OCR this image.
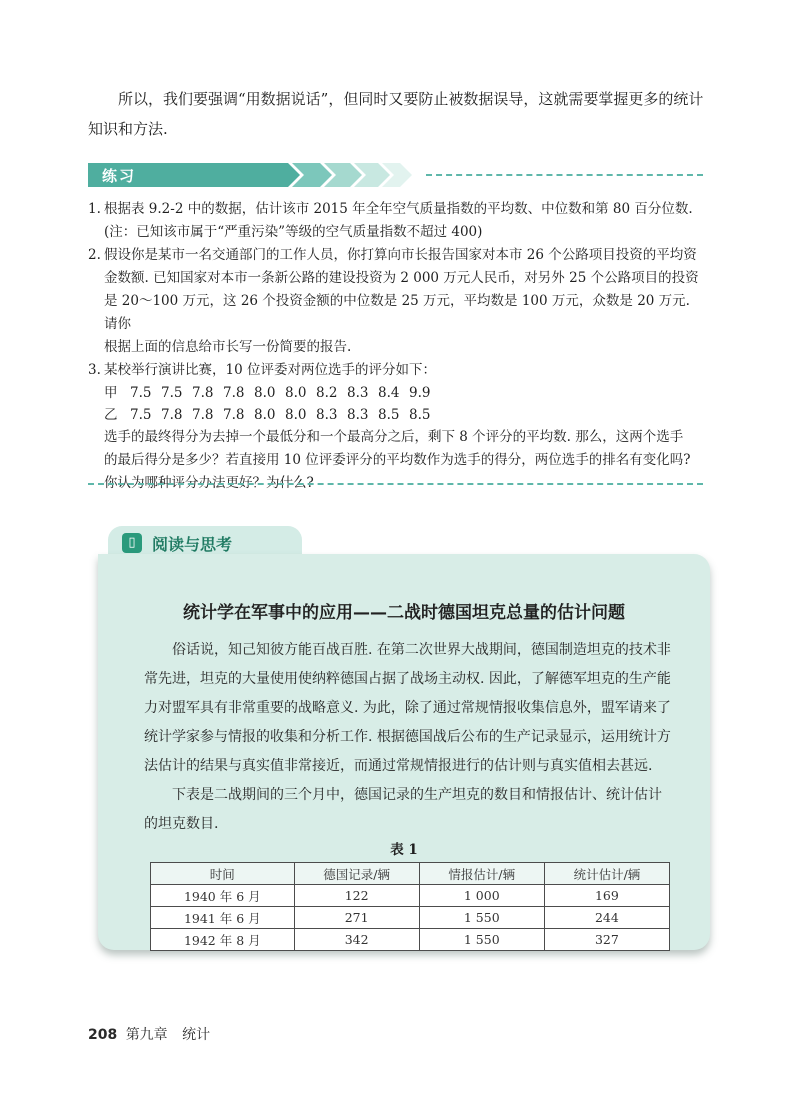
所以，我们要强调“用数据说话”，但同时又要防止被数据误导，这就需要掌握更多的统计知识和方法.

练习
1. 根据表 9.2-2 中的数据，估计该市 2015 年全年空气质量指数的平均数、中位数和第 80 百分位数.
(注：已知该市属于“严重污染”等级的空气质量指数不超过 400)
2. 假设你是某市一名交通部门的工作人员，你打算向市长报告国家对本市 26 个公路项目投资的平均资
金数额. 已知国家对本市一条新公路的建设投资为 2 000 万元人民币，对另外 25 个公路项目的投资
是 20～100 万元，这 26 个投资金额的中位数是 25 万元，平均数是 100 万元，众数是 20 万元. 请你
根据上面的信息给市长写一份简要的报告.
3. 某校举行演讲比赛，10 位评委对两位选手的评分如下：
甲 7.5 7.5 7.8 7.8 8.0 8.0 8.2 8.3 8.4 9.9
乙 7.5 7.8 7.8 7.8 8.0 8.0 8.3 8.3 8.5 8.5
选手的最终得分为去掉一个最低分和一个最高分之后，剩下 8 个评分的平均数. 那么，这两个选手
的最后得分是多少？若直接用 10 位评委评分的平均数作为选手的得分，两位选手的排名有变化吗?
你认为哪种评分办法更好？为什么?
▯	阅读与思考
统计学在军事中的应用——二战时德国坦克总量的估计问题

俗话说，知己知彼方能百战百胜. 在第二次世界大战期间，德国制造坦克的技术非常先进，坦克的大量使用使纳粹德国占据了战场主动权. 因此，了解德军坦克的生产能力对盟军具有非常重要的战略意义. 为此，除了通过常规情报收集信息外，盟军请来了统计学家参与情报的收集和分析工作. 根据德国战后公布的生产记录显示，运用统计方法估计的结果与真实值非常接近，而通过常规情报进行的估计则与真实值相去甚远.

下表是二战期间的三个月中，德国记录的生产坦克的数目和情报估计、统计估计的坦克数目.

表 1
时间	德国记录/辆	情报估计/辆	统计估计/辆
1940 年 6 月	122	1 000	169
1941 年 6 月	271	1 550	244
1942 年 8 月	342	1 550	327
208 第九章 统计
